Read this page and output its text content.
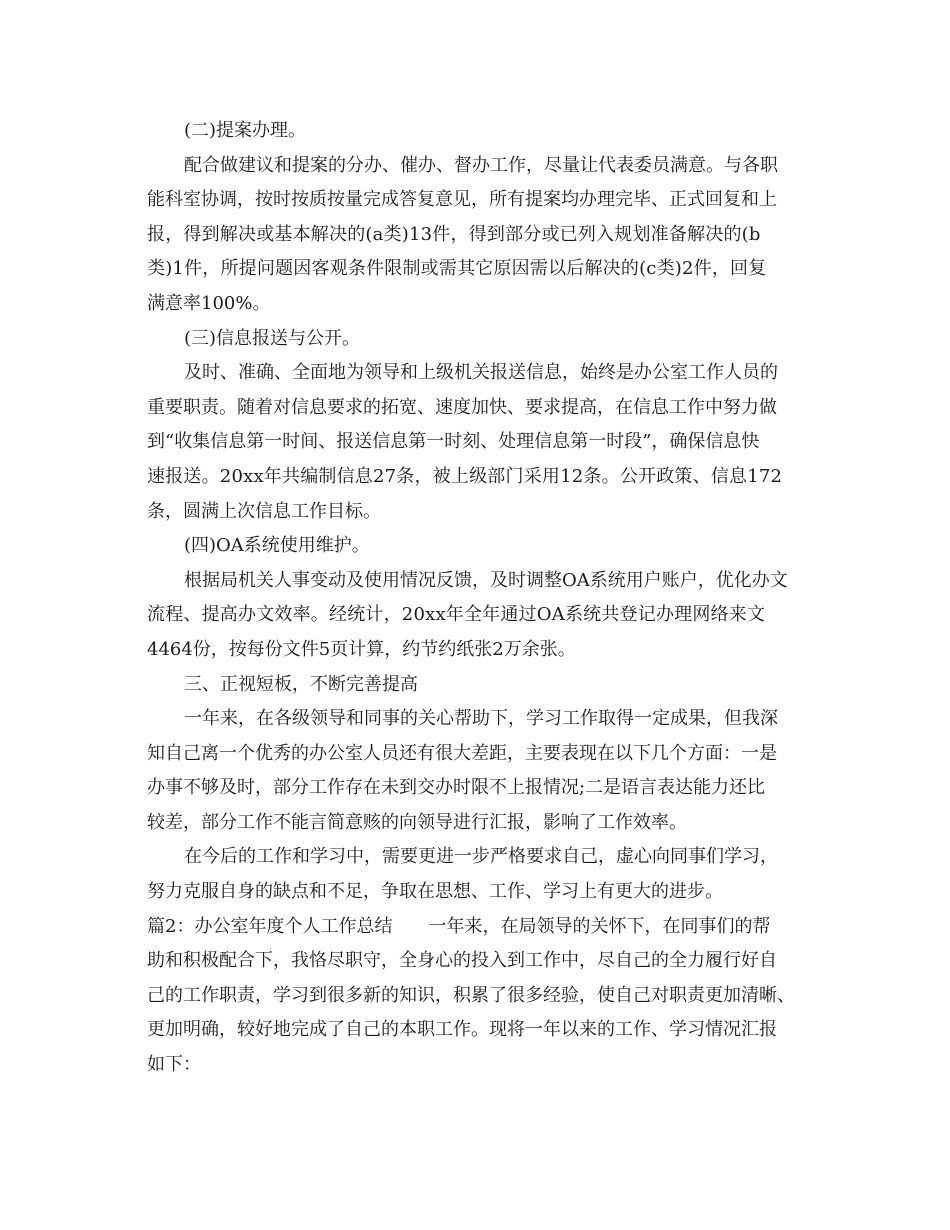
(二)提案办理。
配合做建议和提案的分办、催办、督办工作，尽量让代表委员满意。与各职
能科室协调，按时按质按量完成答复意见，所有提案均办理完毕、正式回复和上
报，得到解决或基本解决的(a类)13件，得到部分或已列入规划准备解决的(b
类)1件，所提问题因客观条件限制或需其它原因需以后解决的(c类)2件，回复
满意率100%。
(三)信息报送与公开。
及时、准确、全面地为领导和上级机关报送信息，始终是办公室工作人员的
重要职责。随着对信息要求的拓宽、速度加快、要求提高，在信息工作中努力做
到“收集信息第一时间、报送信息第一时刻、处理信息第一时段”，确保信息快
速报送。20xx年共编制信息27条，被上级部门采用12条。公开政策、信息172
条，圆满上次信息工作目标。
(四)OA系统使用维护。
根据局机关人事变动及使用情况反馈，及时调整OA系统用户账户，优化办文
流程、提高办文效率。经统计，20xx年全年通过OA系统共登记办理网络来文
4464份，按每份文件5页计算，约节约纸张2万余张。
三、正视短板，不断完善提高
一年来，在各级领导和同事的关心帮助下，学习工作取得一定成果，但我深
知自己离一个优秀的办公室人员还有很大差距，主要表现在以下几个方面：一是
办事不够及时，部分工作存在未到交办时限不上报情况;二是语言表达能力还比
较差，部分工作不能言简意赅的向领导进行汇报，影响了工作效率。
在今后的工作和学习中，需要更进一步严格要求自己，虚心向同事们学习，
努力克服自身的缺点和不足，争取在思想、工作、学习上有更大的进步。
篇2：办公室年度个人工作总结　　一年来，在局领导的关怀下，在同事们的帮
助和积极配合下，我恪尽职守，全身心的投入到工作中，尽自己的全力履行好自
己的工作职责，学习到很多新的知识，积累了很多经验，使自己对职责更加清晰、
更加明确，较好地完成了自己的本职工作。现将一年以来的工作、学习情况汇报
如下：
